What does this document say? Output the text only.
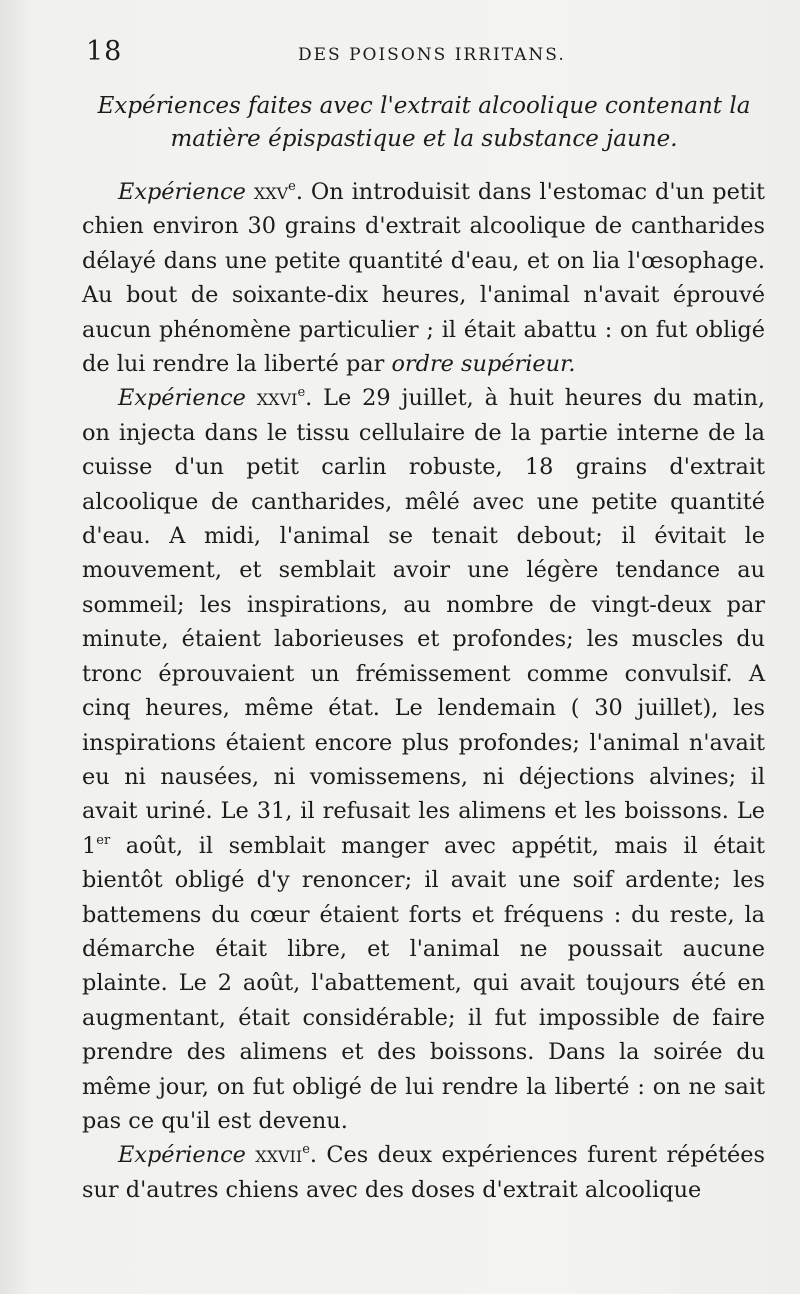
18	DES POISONS IRRITANS.
Expériences faites avec l'extrait alcoolique contenant la matière épispastique et la substance jaune.

Expérience xxv$^e$. On introduisit dans l'estomac d'un petit chien environ 30 grains d'extrait alcoolique de cantharides délayé dans une petite quantité d'eau, et on lia l'œsophage. Au bout de soixante-dix heures, l'animal n'avait éprouvé aucun phénomène particulier ; il était abattu : on fut obligé de lui rendre la liberté par ordre supérieur.

Expérience xxvi$^e$. Le 29 juillet, à huit heures du matin, on injecta dans le tissu cellulaire de la partie interne de la cuisse d'un petit carlin robuste, 18 grains d'extrait alcoolique de cantharides, mêlé avec une petite quantité d'eau. A midi, l'animal se tenait debout; il évitait le mouvement, et semblait avoir une légère tendance au sommeil; les inspirations, au nombre de vingt-deux par minute, étaient laborieuses et profondes; les muscles du tronc éprouvaient un frémissement comme convulsif. A cinq heures, même état. Le lendemain ( 30 juillet), les inspirations étaient encore plus profondes; l'animal n'avait eu ni nausées, ni vomissemens, ni déjections alvines; il avait uriné. Le 31, il refusait les alimens et les boissons. Le 1er août, il semblait manger avec appétit, mais il était bientôt obligé d'y renoncer; il avait une soif ardente; les battemens du cœur étaient forts et fréquens : du reste, la démarche était libre, et l'animal ne poussait aucune plainte. Le 2 août, l'abattement, qui avait toujours été en augmentant, était considérable; il fut impossible de faire prendre des alimens et des boissons. Dans la soirée du même jour, on fut obligé de lui rendre la liberté : on ne sait pas ce qu'il est devenu.

Expérience xxvii$^e$. Ces deux expériences furent répétées sur d'autres chiens avec des doses d'extrait alcoolique
